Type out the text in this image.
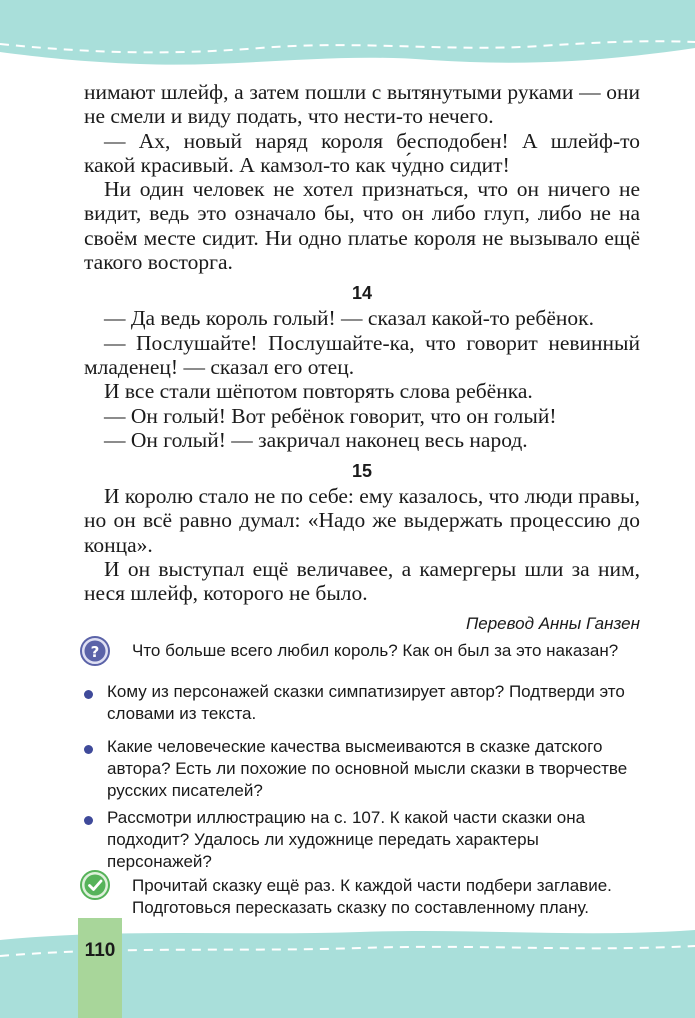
110

нимают шлейф, а затем пошли с вытянутыми руками — они не смели и виду подать, что нести-то нечего.

— Ах, новый наряд короля бесподобен! А шлейф-то какой красивый. А камзол-то как чу́дно сидит!

Ни один человек не хотел признаться, что он ничего не видит, ведь это означало бы, что он либо глуп, либо не на своём месте сидит. Ни одно платье короля не вызывало ещё такого восторга.

14

— Да ведь король голый! — сказал какой-то ребёнок.

— Послушайте! Послушайте-ка, что говорит невинный младенец! — сказал его отец.

И все стали шёпотом повторять слова ребёнка.

— Он голый! Вот ребёнок говорит, что он голый!

— Он голый! — закричал наконец весь народ.

15

И королю стало не по себе: ему казалось, что люди правы, но он всё равно думал: «Надо же выдержать процессию до конца».

И он выступал ещё величавее, а камергеры шли за ним, неся шлейф, которого не было.

Перевод Анны Ганзен
? Что больше всего любил король? Как он был за это наказан?
Кому из персонажей сказки симпатизирует автор? Подтверди это словами из текста.
Какие человеческие качества высмеиваются в сказке датского автора? Есть ли похожие по основной мысли сказки в творчестве русских писателей?
Рассмотри иллюстрацию на с. 107. К какой части сказки она подходит? Удалось ли художнице передать характеры персонажей?
Прочитай сказку ещё раз. К каждой части подбери заглавие. Подготовься пересказать сказку по составленному плану.
